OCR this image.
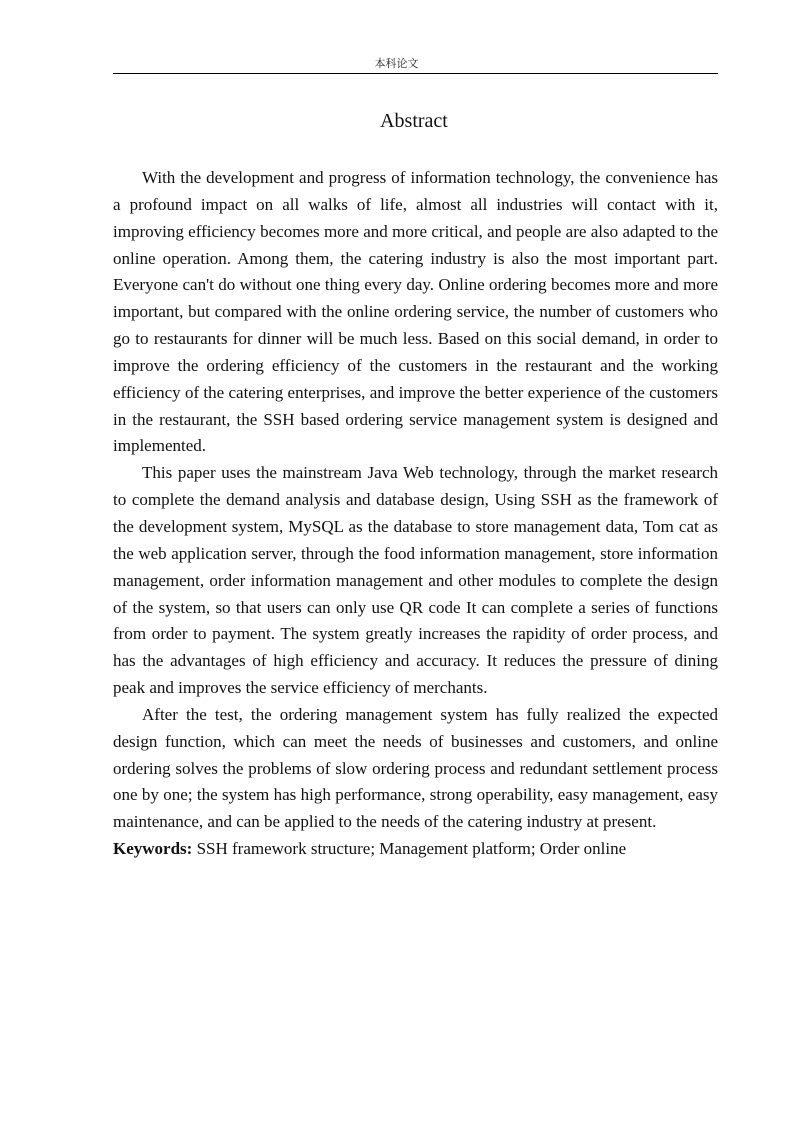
本科论文
Abstract

With the development and progress of information technology, the convenience has a profound impact on all walks of life, almost all industries will contact with it, improving efficiency becomes more and more critical, and people are also adapted to the online operation. Among them, the catering industry is also the most important part. Everyone can't do without one thing every day. Online ordering becomes more and more important, but compared with the online ordering service, the number of customers who go to restaurants for dinner will be much less. Based on this social demand, in order to improve the ordering efficiency of the customers in the restaurant and the working efficiency of the catering enterprises, and improve the better experience of the customers in the restaurant, the SSH based ordering service management system is designed and implemented.

This paper uses the mainstream Java Web technology, through the market research to complete the demand analysis and database design, Using SSH as the framework of the development system, MySQL as the database to store management data, Tom cat as the web application server, through the food information management, store information management, order information management and other modules to complete the design of the system, so that users can only use QR code It can complete a series of functions from order to payment. The system greatly increases the rapidity of order process, and has the advantages of high efficiency and accuracy. It reduces the pressure of dining peak and improves the service efficiency of merchants.

After the test, the ordering management system has fully realized the expected design function, which can meet the needs of businesses and customers, and online ordering solves the problems of slow ordering process and redundant settlement process one by one; the system has high performance, strong operability, easy management, easy maintenance, and can be applied to the needs of the catering industry at present.

Keywords: SSH framework structure; Management platform; Order online
